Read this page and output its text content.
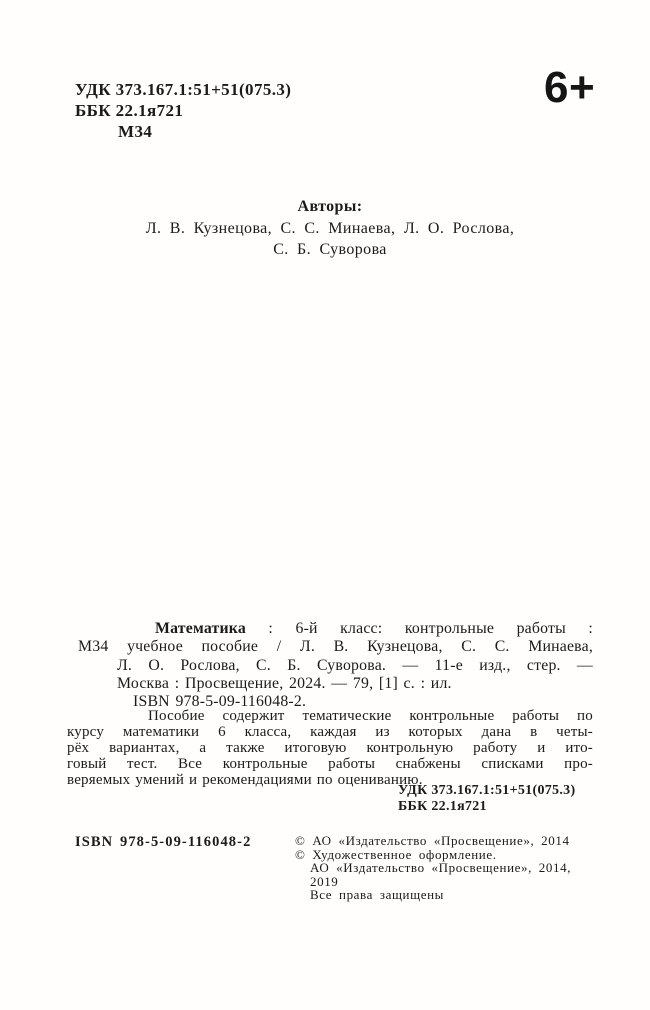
УДК 373.167.1:51+51(075.3)
ББК 22.1я721
М34
6+
Авторы:
Л. В. Кузнецова, С. С. Минаева, Л. О. Рослова,
С. Б. Суворова
Математика : 6-й класс: контрольные работы :
М34 учебное пособие / Л. В. Кузнецова, С. С. Минаева,
Л. О. Рослова, С. Б. Суворова. — 11-е изд., стер. —
Москва : Просвещение, 2024. — 79, [1] с. : ил.
ISBN 978-5-09-116048-2.
Пособие содержит тематические контрольные работы по
курсу математики 6 класса, каждая из которых дана в четы-
рёх вариантах, а также итоговую контрольную работу и ито-
говый тест. Все контрольные работы снабжены списками про-
веряемых умений и рекомендациями по оцениванию.
УДК 373.167.1:51+51(075.3)
ББК 22.1я721
ISBN 978-5-09-116048-2	© АО «Издательство «Просвещение», 2014
© Художественное оформление.
АО «Издательство «Просвещение», 2014,
2019
Все права защищены
